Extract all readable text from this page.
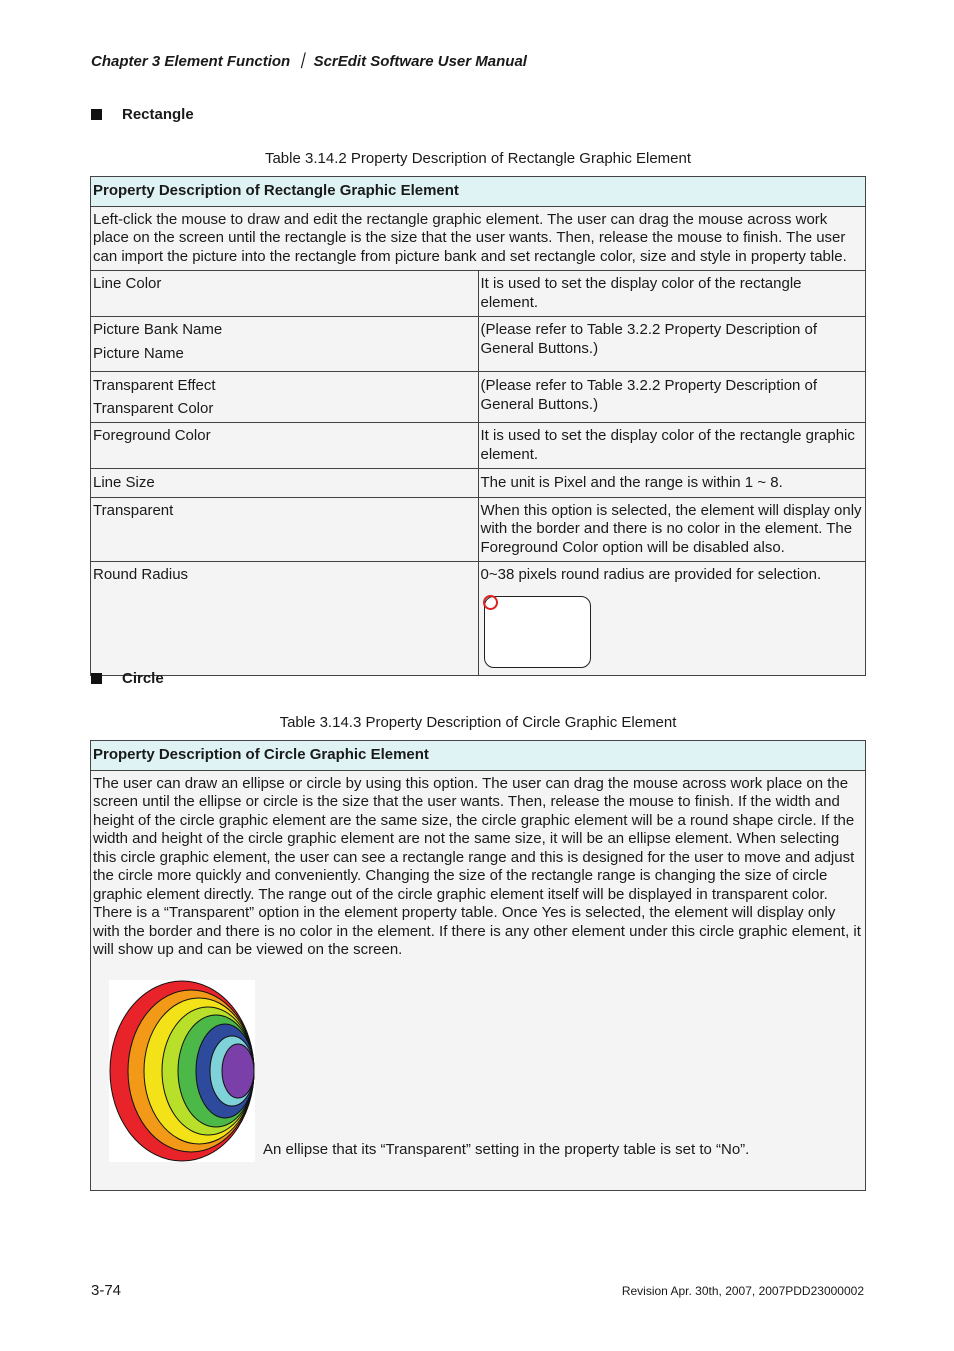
Chapter 3 Element Function ｜ ScrEdit Software User Manual
Rectangle
Table 3.14.2 Property Description of Rectangle Graphic Element
Property Description of Rectangle Graphic Element	
Left-click the mouse to draw and edit the rectangle graphic element. The user can drag the mouse across work place on the screen until the rectangle is the size that the user wants. Then, release the mouse to finish. The user can import the picture into the rectangle from picture bank and set rectangle color, size and style in property table.	
Line Color	It is used to set the display color of the rectangle element.

Picture Bank Name
Picture Name	(Please refer to Table 3.2.2 Property Description of General Buttons.)

Transparent Effect
Transparent Color	(Please refer to Table 3.2.2 Property Description of General Buttons.)
Foreground Color	It is used to set the display color of the rectangle graphic element.
Line Size	The unit is Pixel and the range is within 1 ~ 8.
Transparent	When this option is selected, the element will display only with the border and there is no color in the element. The Foreground Color option will be disabled also.
Round Radius	0~38 pixels round radius are provided for selection.
Circle
Table 3.14.3 Property Description of Circle Graphic Element
Property Description of Circle Graphic Element

The user can draw an ellipse or circle by using this option. The user can drag the mouse across work place on the screen until the ellipse or circle is the size that the user wants. Then, release the mouse to finish. If the width and height of the circle graphic element are the same size, the circle graphic element will be a round shape circle. If the width and height of the circle graphic element are not the same size, it will be an ellipse element. When selecting this circle graphic element, the user can see a rectangle range and this is designed for the user to move and adjust the circle more quickly and conveniently. Changing the size of the rectangle range is changing the size of circle graphic element directly. The range out of the circle graphic element itself will be displayed in transparent color. There is a “Transparent” option in the element property table. Once Yes is selected, the element will display only with the border and there is no color in the element. If there is any other element under this circle graphic element, it will show up and can be viewed on the screen.
An ellipse that its “Transparent” setting in the property table is set to “No”.
3-74	Revision Apr. 30th, 2007, 2007PDD23000002
